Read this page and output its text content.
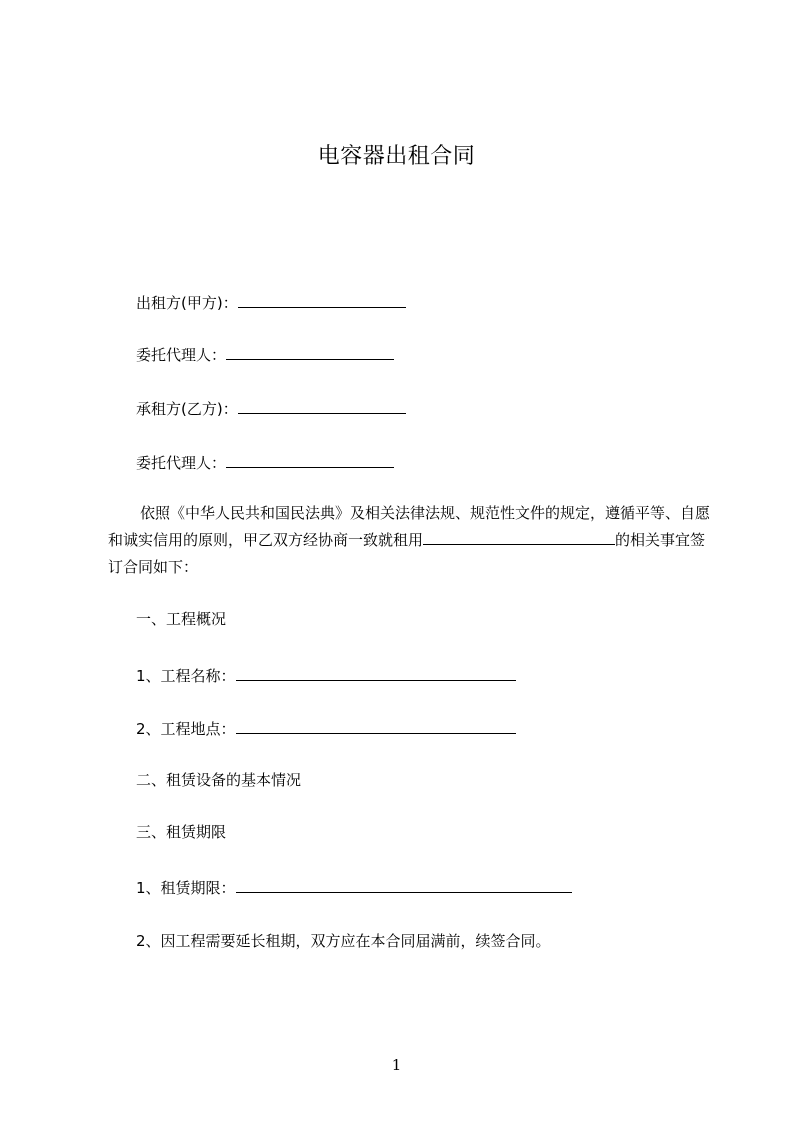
电容器出租合同
出租方(甲方)：
委托代理人：
承租方(乙方)：
委托代理人：
依照《中华人民共和国民法典》及相关法律法规、规范性文件的规定，遵循平等、自愿和诚实信用的原则，甲乙双方经协商一致就租用	的相关事宜签订合同如下：
一、工程概况
1、工程名称：
2、工程地点：
二、租赁设备的基本情况
三、租赁期限
1、租赁期限：
2、因工程需要延长租期，双方应在本合同届满前，续签合同。
1
